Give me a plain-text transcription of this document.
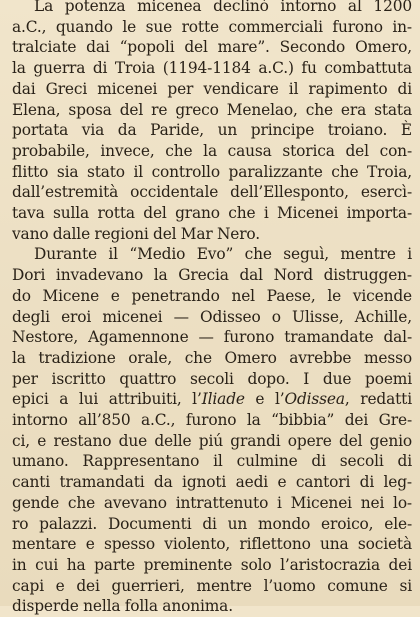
La potenza micenea declinò intorno al 1200
a.C., quando le sue rotte commerciali furono in-
tralciate dai “popoli del mare”. Secondo Omero,
la guerra di Troia (1194-1184 a.C.) fu combattuta
dai Greci micenei per vendicare il rapimento di
Elena, sposa del re greco Menelao, che era stata
portata via da Paride, un principe troiano. È
probabile, invece, che la causa storica del con-
flitto sia stato il controllo paralizzante che Troia,
dall’estremità occidentale dell’Ellesponto, esercì-
tava sulla rotta del grano che i Micenei importa-
vano dalle regioni del Mar Nero.

Durante il “Medio Evo” che seguì, mentre i
Dori invadevano la Grecia dal Nord distruggen-
do Micene e penetrando nel Paese, le vicende
degli eroi micenei — Odisseo o Ulisse, Achille,
Nestore, Agamennone — furono tramandate dal-
la tradizione orale, che Omero avrebbe messo
per iscritto quattro secoli dopo. I due poemi
epici a lui attribuiti, l’Iliade e l’Odissea, redatti
intorno all’850 a.C., furono la “bibbia” dei Gre-
ci, e restano due delle piú grandi opere del genio
umano. Rappresentano il culmine di secoli di
canti tramandati da ignoti aedi e cantori di leg-
gende che avevano intrattenuto i Micenei nei lo-
ro palazzi. Documenti di un mondo eroico, ele-
mentare e spesso violento, riflettono una società
in cui ha parte preminente solo l’aristocrazia dei
capi e dei guerrieri, mentre l’uomo comune si
disperde nella folla anonima.
